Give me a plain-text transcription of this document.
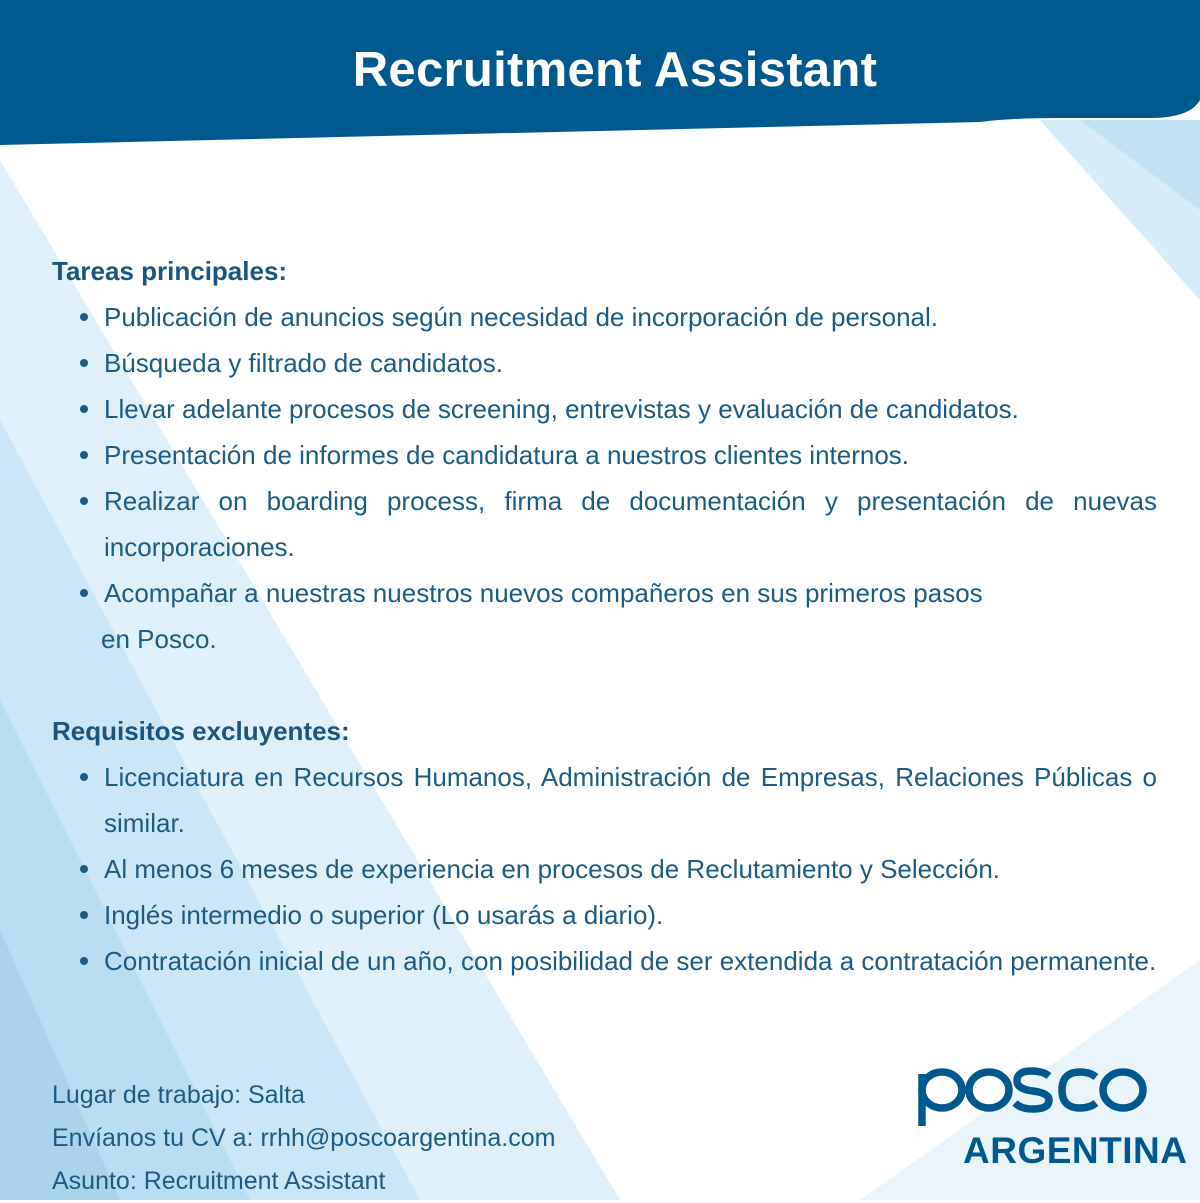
Recruitment Assistant

Tareas principales:

Publicación de anuncios según necesidad de incorporación de personal.
Búsqueda y filtrado de candidatos.
Llevar adelante procesos de screening, entrevistas y evaluación de candidatos.
Presentación de informes de candidatura a nuestros clientes internos.
Realizar on boarding process, firma de documentación y presentación de nuevas incorporaciones.
Acompañar a nuestras nuestros nuevos compañeros en sus primeros pasos
en Posco.

Requisitos excluyentes:

Licenciatura en Recursos Humanos, Administración de Empresas, Relaciones Públicas o similar.
Al menos 6 meses de experiencia en procesos de Reclutamiento y Selección.
Inglés intermedio o superior (Lo usarás a diario).
Contratación inicial de un año, con posibilidad de ser extendida a contratación permanente.
Lugar de trabajo: Salta
Envíanos tu CV a: rrhh@poscoargentina.com
Asunto: Recruitment Assistant
ARGENTINA
